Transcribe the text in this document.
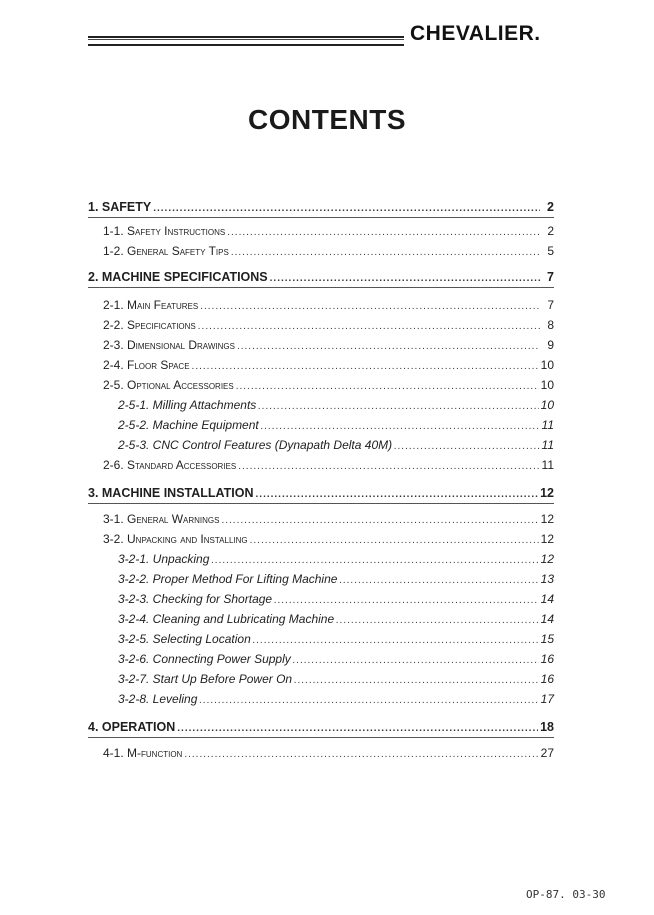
CHEVALIER.
CONTENTS
1. SAFETY .....	2
1-1. Safety Instructions .....	2
1-2. General Safety Tips .....	5
2. MACHINE SPECIFICATIONS .....	7
2-1. Main Features .....	7
2-2. Specifications .....	8
2-3. Dimensional Drawings .....	9
2-4. Floor Space .....	10
2-5. Optional Accessories .....	10
2-5-1. Milling Attachments .....	10
2-5-2. Machine Equipment .....	11
2-5-3. CNC Control Features (Dynapath Delta 40M) .....	11
2-6. Standard Accessories .....	11
3. MACHINE INSTALLATION .....	12
3-1. General Warnings .....	12
3-2. Unpacking and Installing .....	12
3-2-1. Unpacking .....	12
3-2-2. Proper Method For Lifting Machine .....	13
3-2-3. Checking for Shortage .....	14
3-2-4. Cleaning and Lubricating Machine .....	14
3-2-5. Selecting Location .....	15
3-2-6. Connecting Power Supply .....	16
3-2-7. Start Up Before Power On .....	16
3-2-8. Leveling .....	17
4. OPERATION .....	18
4-1. M-function .....	27
OP-87. 03-30
